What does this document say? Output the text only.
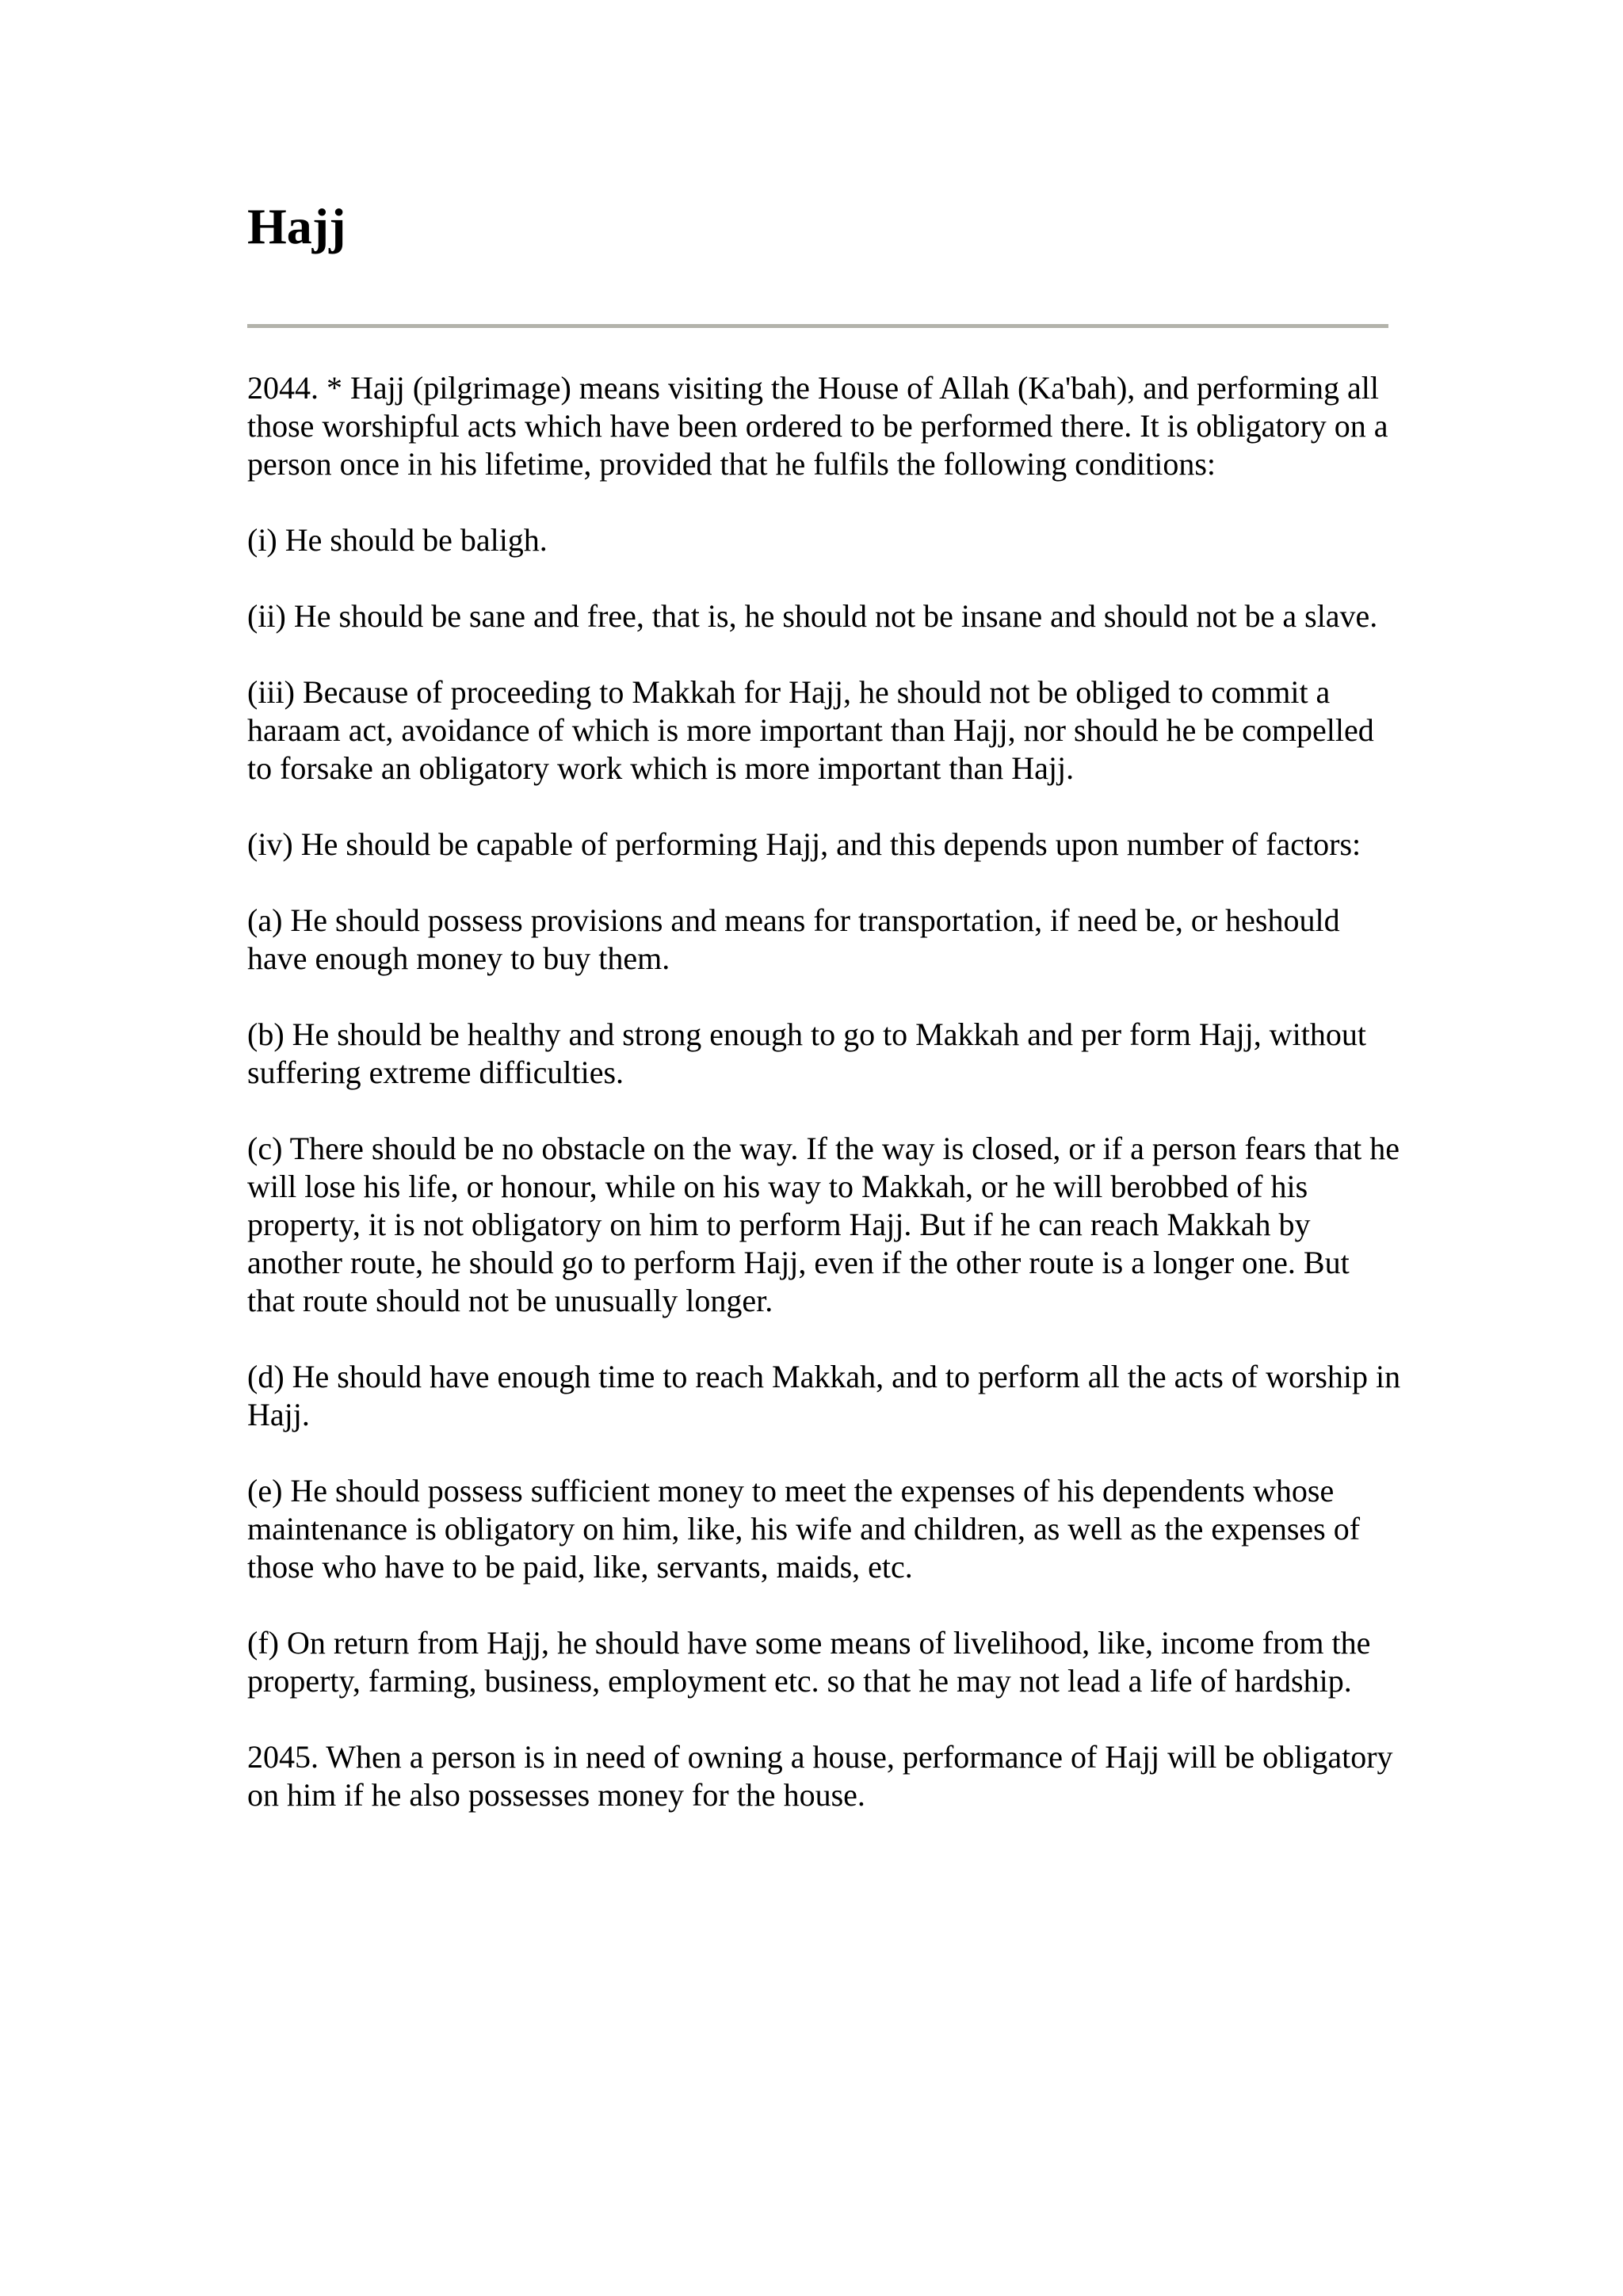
Hajj

2044. * Hajj (pilgrimage) means visiting the House of Allah (Ka'bah), and performing all those worshipful acts which have been ordered to be performed there. It is obligatory on a person once in his lifetime, provided that he fulfils the following conditions:

(i) He should be baligh.

(ii) He should be sane and free, that is, he should not be insane and should not be a slave.

(iii) Because of proceeding to Makkah for Hajj, he should not be obliged to commit a haraam act, avoidance of which is more important than Hajj, nor should he be compelled to forsake an obligatory work which is more important than Hajj.

(iv) He should be capable of performing Hajj, and this depends upon number of factors:

(a) He should possess provisions and means for transportation, if need be, or heshould have enough money to buy them.

(b) He should be healthy and strong enough to go to Makkah and per form Hajj, without suffering extreme difficulties.

(c) There should be no obstacle on the way. If the way is closed, or if a person fears that he will lose his life, or honour, while on his way to Makkah, or he will berobbed of his property, it is not obligatory on him to perform Hajj. But if he can reach Makkah by another route, he should go to perform Hajj, even if the other route is a longer one. But that route should not be unusually longer.

(d) He should have enough time to reach Makkah, and to perform all the acts of worship in Hajj.

(e) He should possess sufficient money to meet the expenses of his dependents whose maintenance is obligatory on him, like, his wife and children, as well as the expenses of those who have to be paid, like, servants, maids, etc.

(f) On return from Hajj, he should have some means of livelihood, like, income from the property, farming, business, employment etc. so that he may not lead a life of hardship.

2045. When a person is in need of owning a house, performance of Hajj will be obligatory on him if he also possesses money for the house.
